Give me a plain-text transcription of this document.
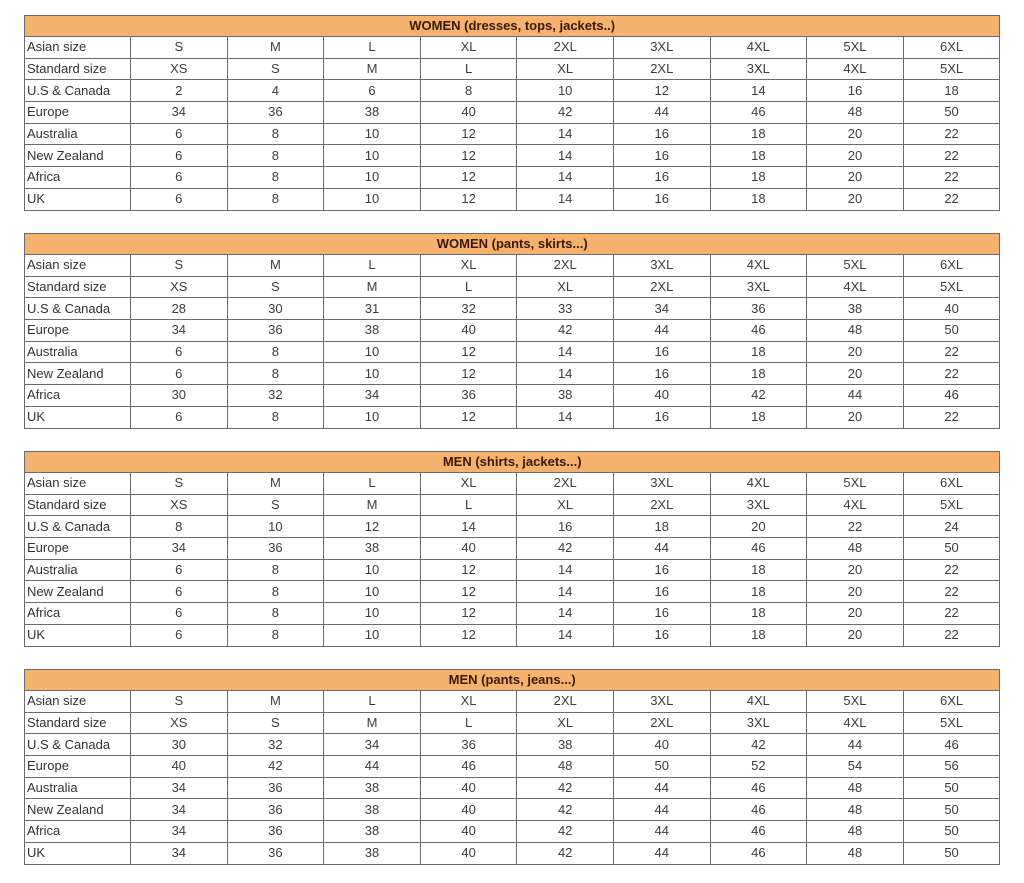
WOMEN (dresses, tops, jackets..)									
Asian size	S	M	L	XL	2XL	3XL	4XL	5XL	6XL
Standard size	XS	S	M	L	XL	2XL	3XL	4XL	5XL
U.S & Canada	2	4	6	8	10	12	14	16	18
Europe	34	36	38	40	42	44	46	48	50
Australia	6	8	10	12	14	16	18	20	22
New Zealand	6	8	10	12	14	16	18	20	22
Africa	6	8	10	12	14	16	18	20	22
UK	6	8	10	12	14	16	18	20	22
WOMEN (pants, skirts...)									
Asian size	S	M	L	XL	2XL	3XL	4XL	5XL	6XL
Standard size	XS	S	M	L	XL	2XL	3XL	4XL	5XL
U.S & Canada	28	30	31	32	33	34	36	38	40
Europe	34	36	38	40	42	44	46	48	50
Australia	6	8	10	12	14	16	18	20	22
New Zealand	6	8	10	12	14	16	18	20	22
Africa	30	32	34	36	38	40	42	44	46
UK	6	8	10	12	14	16	18	20	22
MEN (shirts, jackets...)									
Asian size	S	M	L	XL	2XL	3XL	4XL	5XL	6XL
Standard size	XS	S	M	L	XL	2XL	3XL	4XL	5XL
U.S & Canada	8	10	12	14	16	18	20	22	24
Europe	34	36	38	40	42	44	46	48	50
Australia	6	8	10	12	14	16	18	20	22
New Zealand	6	8	10	12	14	16	18	20	22
Africa	6	8	10	12	14	16	18	20	22
UK	6	8	10	12	14	16	18	20	22
MEN (pants, jeans...)									
Asian size	S	M	L	XL	2XL	3XL	4XL	5XL	6XL
Standard size	XS	S	M	L	XL	2XL	3XL	4XL	5XL
U.S & Canada	30	32	34	36	38	40	42	44	46
Europe	40	42	44	46	48	50	52	54	56
Australia	34	36	38	40	42	44	46	48	50
New Zealand	34	36	38	40	42	44	46	48	50
Africa	34	36	38	40	42	44	46	48	50
UK	34	36	38	40	42	44	46	48	50
